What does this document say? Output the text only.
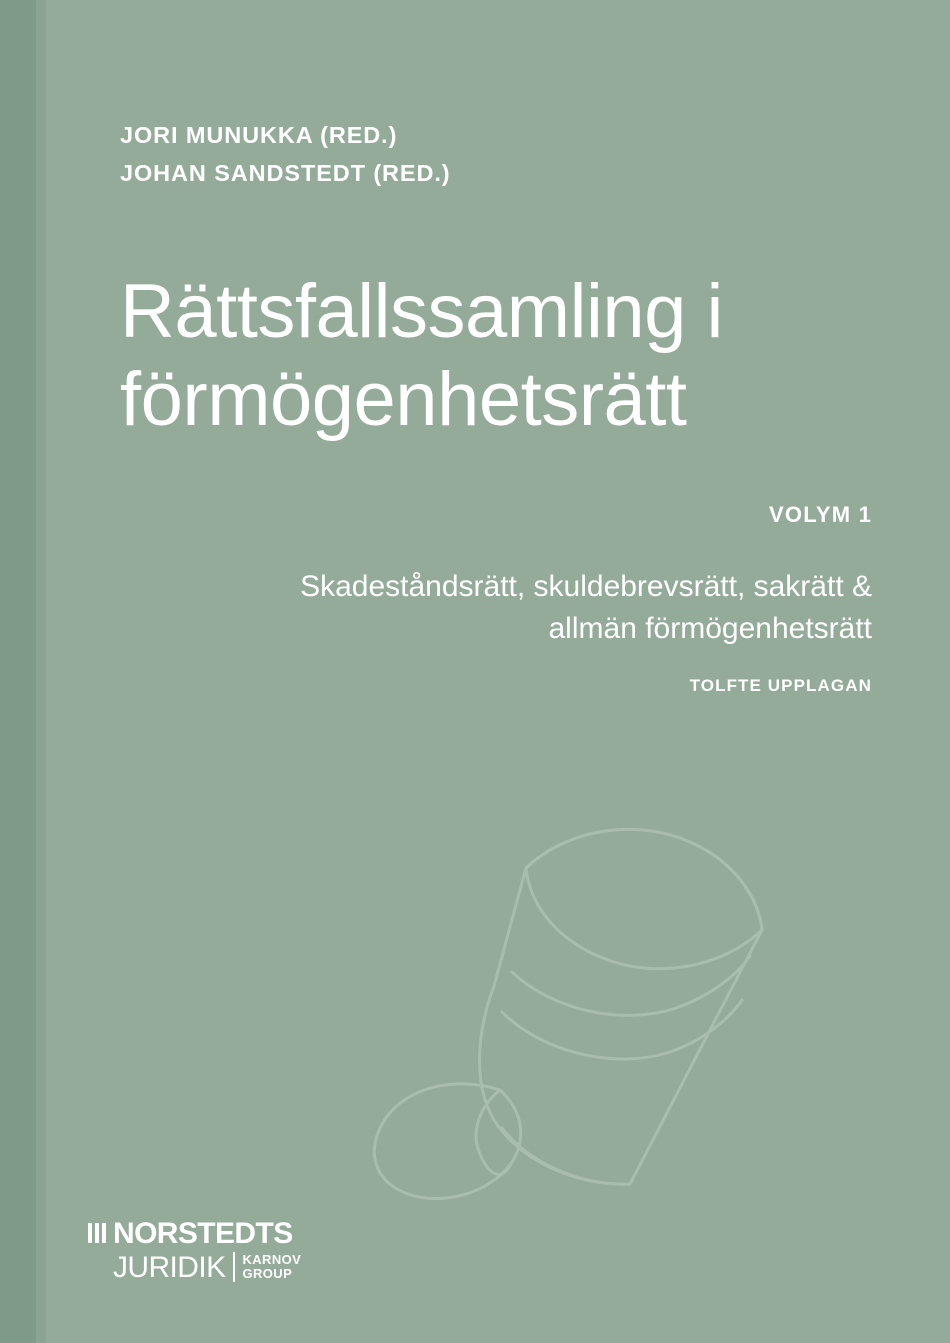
JORI MUNUKKA (RED.)
JOHAN SANDSTEDT (RED.)
Rättsfallssamling i
förmögenhetsrätt
VOLYM 1
Skadeståndsrätt, skuldebrevsrätt, sakrätt &
allmän förmögenhetsrätt
TOLFTE UPPLAGAN
NORSTEDTS
JURIDIK KARNOV
GROUP
